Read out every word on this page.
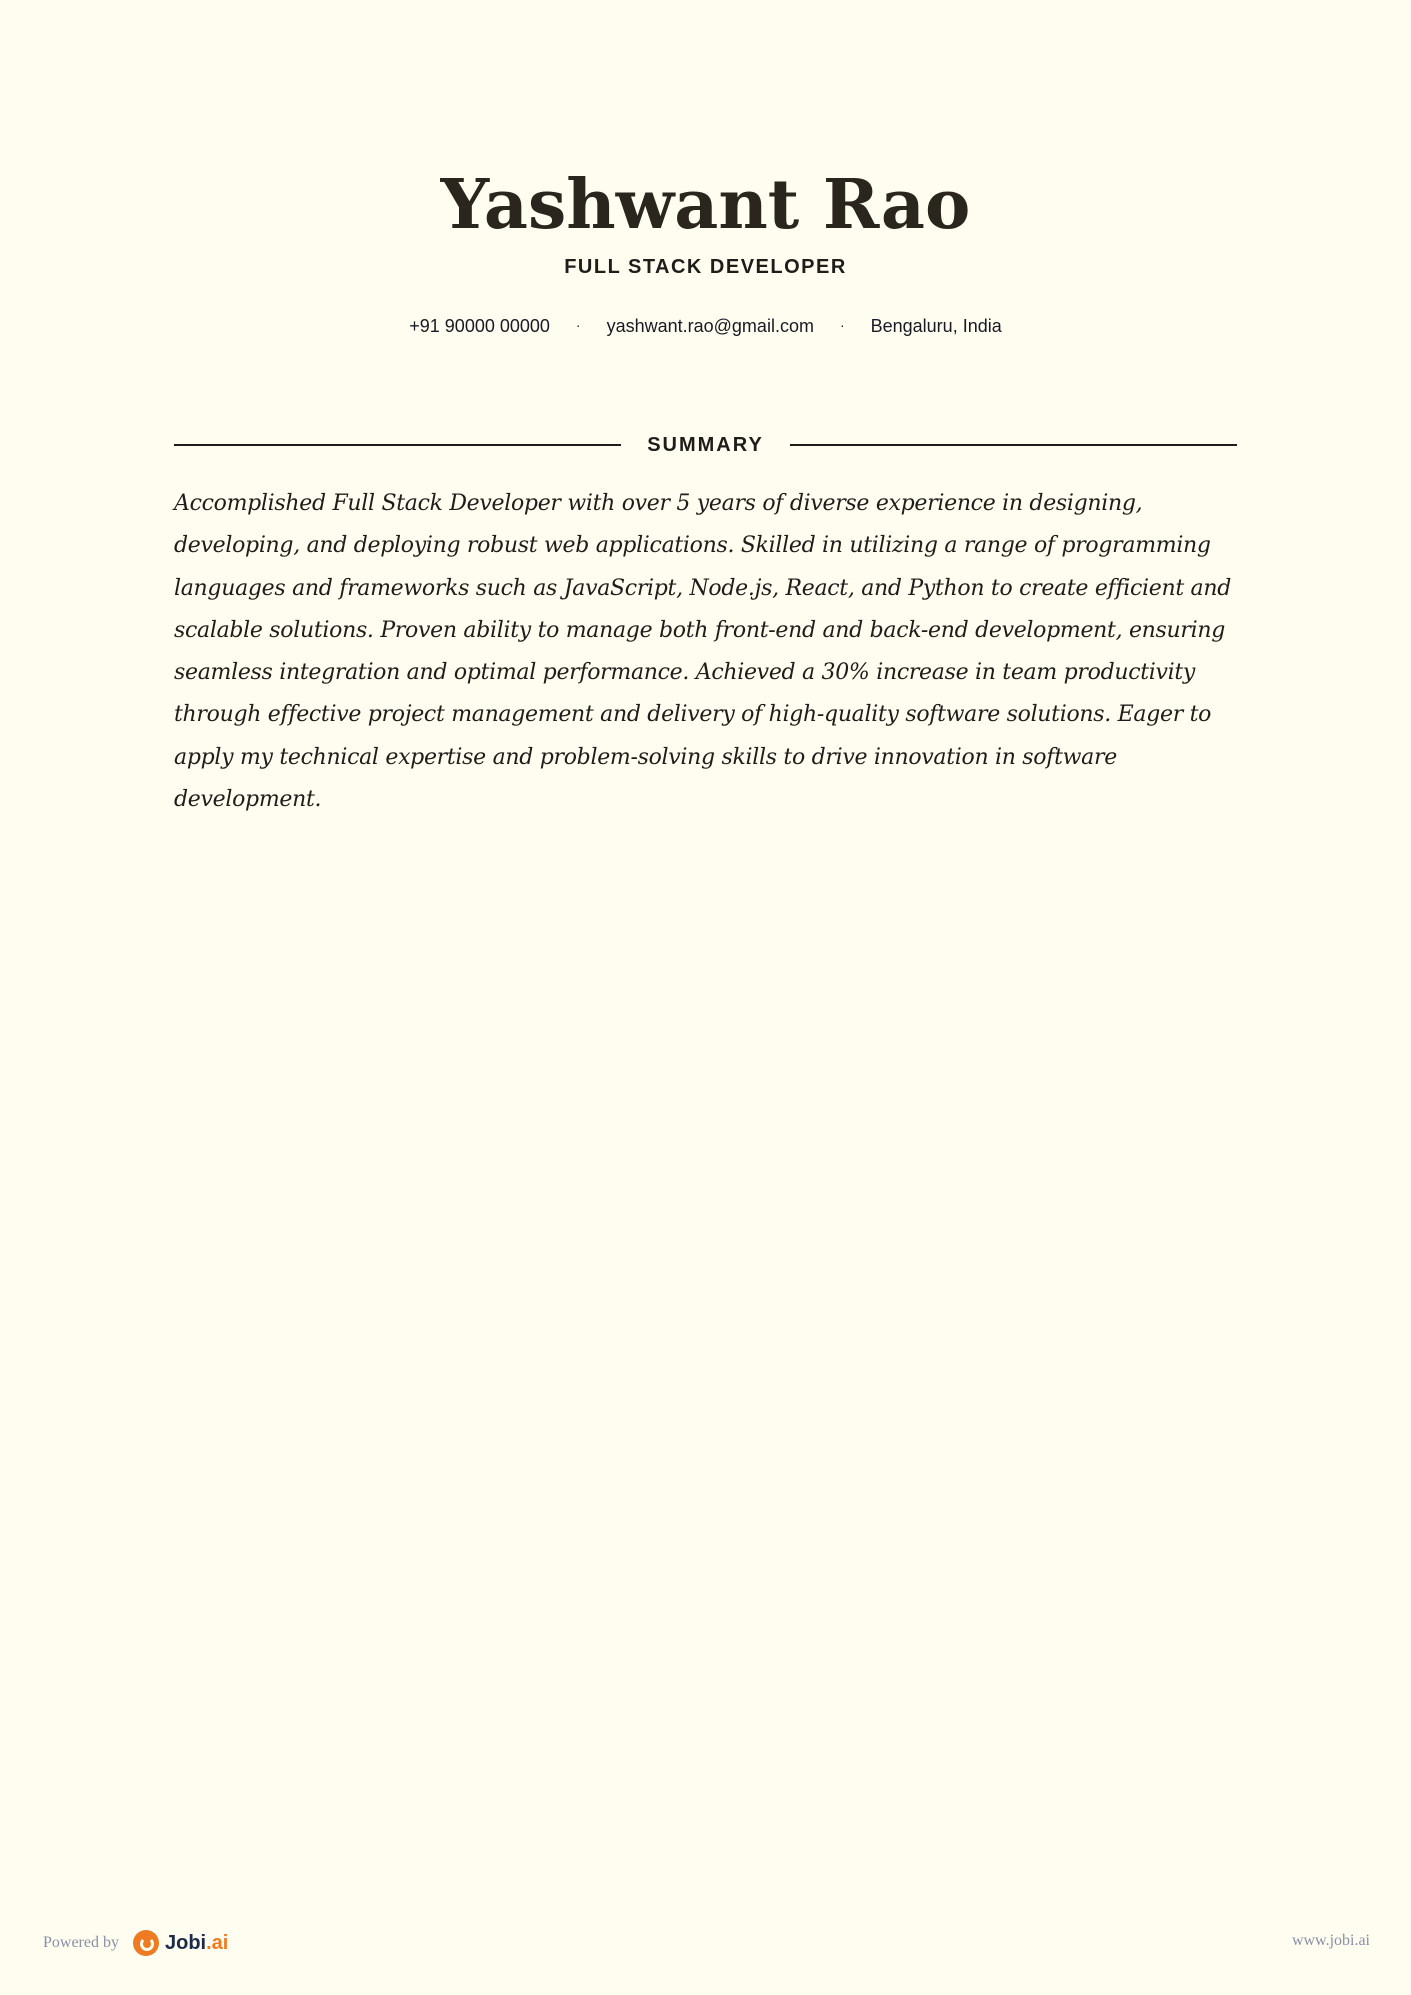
Yashwant Rao
FULL STACK DEVELOPER
+91 90000 00000 · yashwant.rao@gmail.com · Bengaluru, India
SUMMARY

Accomplished Full Stack Developer with over 5 years of diverse experience in designing, developing, and deploying robust web applications. Skilled in utilizing a range of programming languages and frameworks such as JavaScript, Node.js, React, and Python to create efficient and scalable solutions. Proven ability to manage both front-end and back-end development, ensuring seamless integration and optimal performance. Achieved a 30% increase in team productivity through effective project management and delivery of high-quality software solutions. Eager to apply my technical expertise and problem-solving skills to drive innovation in software development.

Powered by Jobi.ai	www.jobi.ai
